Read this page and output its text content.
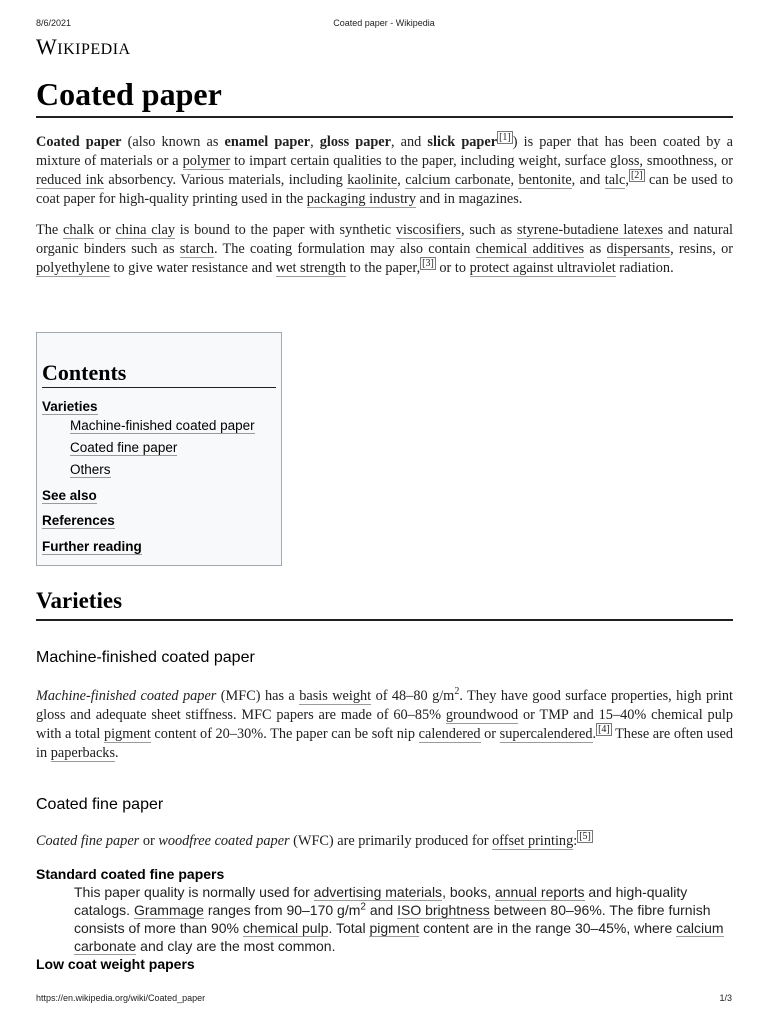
8/6/2021	Coated paper - Wikipedia
WIKIPEDIA
Coated paper

Coated paper (also known as enamel paper, gloss paper, and slick paper [1] ) is paper that has been coated by a mixture of materials or a polymer to impart certain qualities to the paper, including weight, surface gloss, smoothness, or reduced ink absorbency. Various materials, including kaolinite, calcium carbonate, bentonite, and talc, [2] can be used to coat paper for high-quality printing used in the packaging industry and in magazines.

The chalk or china clay is bound to the paper with synthetic viscosifiers, such as styrene-butadiene latexes and natural organic binders such as starch. The coating formulation may also contain chemical additives as dispersants, resins, or polyethylene to give water resistance and wet strength to the paper, [3] or to protect against ultraviolet radiation.

Contents
Varieties
Machine-finished coated paper
Coated fine paper
Others
See also
References
Further reading
Varieties
Machine-finished coated paper

Machine-finished coated paper (MFC) has a basis weight of 48–80 $g/m^2$. They have good surface properties, high print gloss and adequate sheet stiffness. MFC papers are made of 60–85% groundwood or TMP and 15–40% chemical pulp with a total pigment content of 20–30%. The paper can be soft nip calendered or supercalendered. [4] These are often used in paperbacks.

Coated fine paper

Coated fine paper or woodfree coated paper (WFC) are primarily produced for offset printing: [5]

Standard coated fine papers
This paper quality is normally used for advertising materials, books, annual reports and high-quality catalogs. Grammage ranges from 90–170 $g/m^2$ and ISO brightness between 80–96%. The fibre furnish consists of more than 90% chemical pulp. Total pigment content are in the range 30–45%, where calcium carbonate and clay are the most common.
Low coat weight papers
https://en.wikipedia.org/wiki/Coated_paper	1/3
